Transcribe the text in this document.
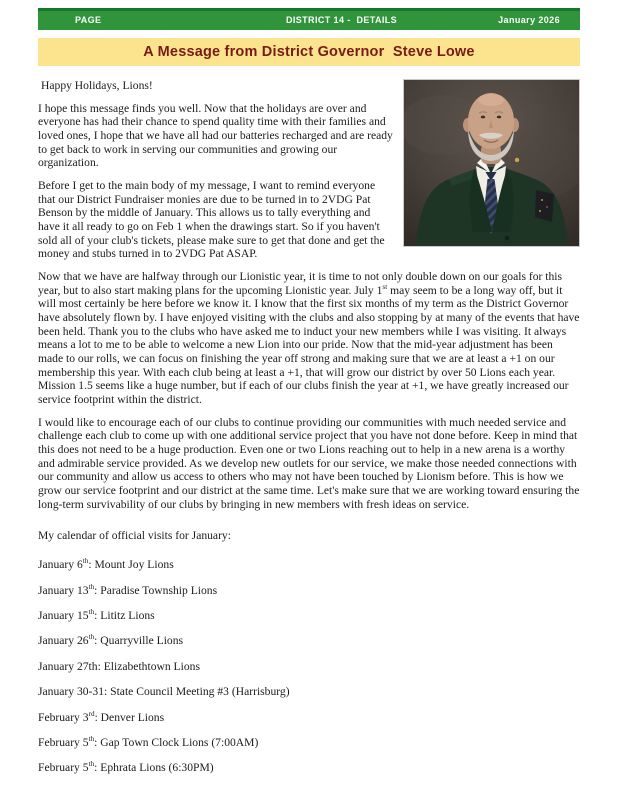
PAGE

	DISTRICT 14 -  DETAILS

	January 2026

A Message from District Governor  Steve Lowe

Happy Holidays, Lions!

I hope this message finds you well. Now that the holidays are over and everyone has had their chance to spend quality time with their families and loved ones, I hope that we have all had our batteries recharged and are ready to get back to work in serving our communities and growing our organization.

Before I get to the main body of my message, I want to remind everyone that our District Fundraiser monies are due to be turned in to 2VDG Pat Benson by the middle of January. This allows us to tally everything and have it all ready to go on Feb 1 when the drawings start. So if you haven't sold all of your club's tickets, please make sure to get that done and get the money and stubs turned in to 2VDG Pat ASAP.

Now that we have are halfway through our Lionistic year, it is time to not only double down on our goals for this year, but to also start making plans for the upcoming Lionistic year. July 1st may seem to be a long way off, but it will most certainly be here before we know it. I know that the first six months of my term as the District Governor have absolutely flown by. I have enjoyed visiting with the clubs and also stopping by at many of the events that have been held. Thank you to the clubs who have asked me to induct your new members while I was visiting. It always means a lot to me to be able to welcome a new Lion into our pride. Now that the mid-year adjustment has been made to our rolls, we can focus on finishing the year off strong and making sure that we are at least a +1 on our membership this year. With each club being at least a +1, that will grow our district by over 50 Lions each year. Mission 1.5 seems like a huge number, but if each of our clubs finish the year at +1, we have greatly increased our service footprint within the district.

I would like to encourage each of our clubs to continue providing our communities with much needed service and challenge each club to come up with one additional service project that you have not done before. Keep in mind that this does not need to be a huge production. Even one or two Lions reaching out to help in a new arena is a worthy and admirable service provided. As we develop new outlets for our service, we make those needed connections with our community and allow us access to others who may not have been touched by Lionism before. This is how we grow our service footprint and our district at the same time. Let's make sure that we are working toward ensuring the long-term survivability of our clubs by bringing in new members with fresh ideas on service.

My calendar of official visits for January:

January 6th: Mount Joy Lions

January 13th: Paradise Township Lions

January 15th: Lititz Lions

January 26th: Quarryville Lions

January 27th: Elizabethtown Lions

January 30-31: State Council Meeting #3 (Harrisburg)

February 3rd: Denver Lions

February 5th: Gap Town Clock Lions (7:00AM)

February 5th: Ephrata Lions (6:30PM)
